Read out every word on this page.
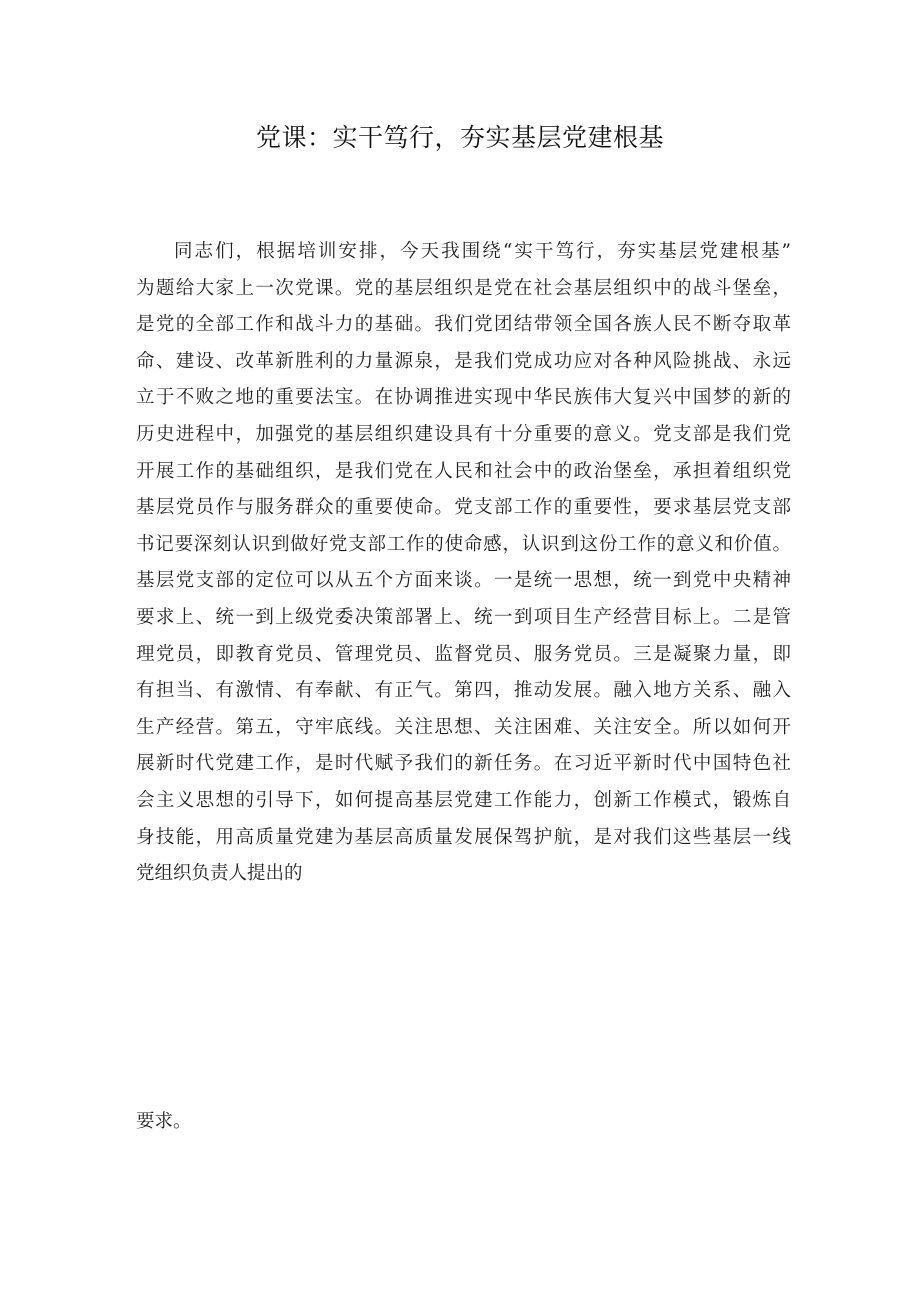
党课：实干笃行，夯实基层党建根基
同志们，根据培训安排，今天我围绕“实干笃行，夯实基层党建根基”
为题给大家上一次党课。党的基层组织是党在社会基层组织中的战斗堡垒，
是党的全部工作和战斗力的基础。我们党团结带领全国各族人民不断夺取革
命、建设、改革新胜利的力量源泉，是我们党成功应对各种风险挑战、永远
立于不败之地的重要法宝。在协调推进实现中华民族伟大复兴中国梦的新的
历史进程中，加强党的基层组织建设具有十分重要的意义。党支部是我们党
开展工作的基础组织，是我们党在人民和社会中的政治堡垒，承担着组织党
基层党员作与服务群众的重要使命。党支部工作的重要性，要求基层党支部
书记要深刻认识到做好党支部工作的使命感，认识到这份工作的意义和价值。
基层党支部的定位可以从五个方面来谈。一是统一思想，统一到党中央精神
要求上、统一到上级党委决策部署上、统一到项目生产经营目标上。二是管
理党员，即教育党员、管理党员、监督党员、服务党员。三是凝聚力量，即
有担当、有激情、有奉献、有正气。第四，推动发展。融入地方关系、融入
生产经营。第五，守牢底线。关注思想、关注困难、关注安全。所以如何开
展新时代党建工作，是时代赋予我们的新任务。在习近平新时代中国特色社
会主义思想的引导下，如何提高基层党建工作能力，创新工作模式，锻炼自
身技能，用高质量党建为基层高质量发展保驾护航，是对我们这些基层一线
党组织负责人提出的
要求。
